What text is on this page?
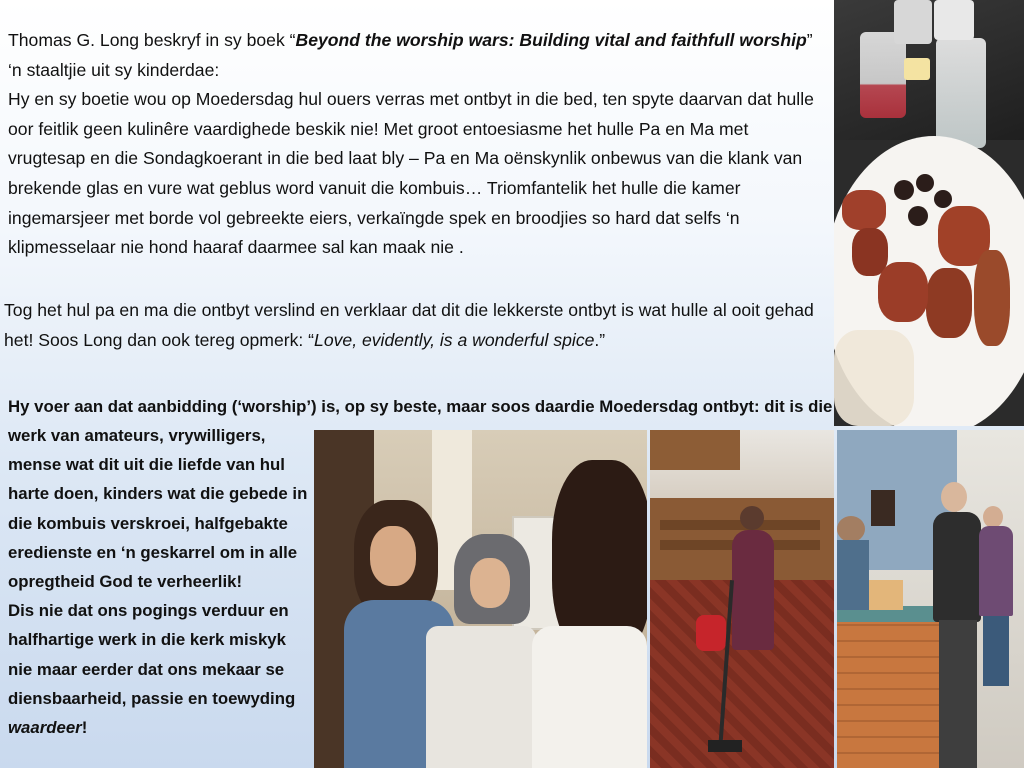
Thomas G. Long beskryf in sy boek “Beyond the worship wars: Building vital and faithfull worship” ‘n staaltjie uit sy kinderdae:
Hy en sy boetie wou op Moedersdag hul ouers verras met ontbyt in die bed, ten spyte daarvan dat hulle oor feitlik geen kulinêre vaardighede beskik nie! Met groot entoesiasme het hulle Pa en Ma met vrugtesap en die Sondagkoerant in die bed laat bly – Pa en Ma oënskynlik onbewus van die klank van brekende glas en vure wat geblus word vanuit die kombuis… Triomfantelik het hulle die kamer ingemarsjeer met borde vol gebreekte eiers, verkaïngde spek en broodjies so hard dat selfs ‘n klipmesselaar nie hond haaraf daarmee sal kan maak nie .

Tog het hul pa en ma die ontbyt verslind en verklaar dat dit die lekkerste ontbyt is wat hulle al ooit gehad het! Soos Long dan ook tereg opmerk: “Love, evidently, is a wonderful spice.”

Hy voer aan dat aanbidding (‘worship’) is, op sy beste, maar soos daardie Moedersdag ontbyt: dit is die

werk van amateurs, vrywilligers, mense wat dit uit die liefde van hul harte doen, kinders wat die gebede in die kombuis verskroei, halfgebakte eredienste en ‘n geskarrel om in alle opregtheid God te verheerlik!
Dis nie dat ons pogings verduur en halfhartige werk in die kerk miskyk nie maar eerder dat ons mekaar se diensbaarheid, passie en toewyding waardeer!
